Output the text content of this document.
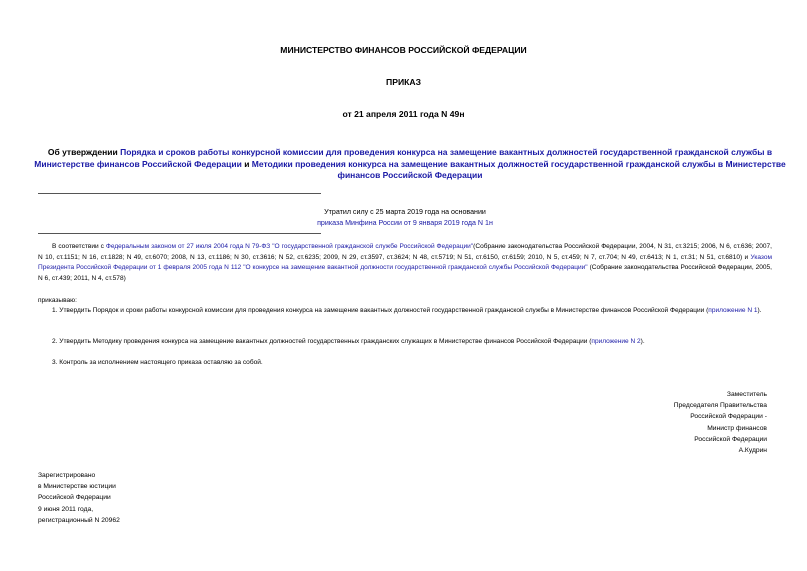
МИНИСТЕРСТВО ФИНАНСОВ РОССИЙСКОЙ ФЕДЕРАЦИИ
ПРИКАЗ
от 21 апреля 2011 года N 49н
Об утверждении Порядка и сроков работы конкурсной комиссии для проведения конкурса на замещение вакантных должностей государственной гражданской службы в Министерстве финансов Российской Федерации и Методики проведения конкурса на замещение вакантных должностей государственной гражданской службы в Министерстве финансов Российской Федерации
Утратил силу с 25 марта 2019 года на основании
приказа Минфина России от 9 января 2019 года N 1н
В соответствии с Федеральным законом от 27 июля 2004 года N 79-ФЗ "О государственной гражданской службе Российской Федерации"(Собрание законодательства Российской Федерации, 2004, N 31, ст.3215; 2006, N 6, ст.636; 2007, N 10, ст.1151; N 16, ст.1828; N 49, ст.6070; 2008, N 13, ст.1186; N 30, ст.3616; N 52, ст.6235; 2009, N 29, ст.3597, ст.3624; N 48, ст.5719; N 51, ст.6150, ст.6159; 2010, N 5, ст.459; N 7, ст.704; N 49, ст.6413; N 1, ст.31; N 51, ст.6810) и Указом Президента Российской Федерации от 1 февраля 2005 года N 112 "О конкурсе на замещение вакантной должности государственной гражданской службы Российской Федерации" (Собрание законодательства Российской Федерации, 2005, N 6, ст.439; 2011, N 4, ст.578)
приказываю:
1. Утвердить Порядок и сроки работы конкурсной комиссии для проведения конкурса на замещение вакантных должностей государственной гражданской службы в Министерстве финансов Российской Федерации (приложение N 1).
2. Утвердить Методику проведения конкурса на замещение вакантных должностей государственных гражданских служащих в Министерстве финансов Российской Федерации (приложение N 2).
3. Контроль за исполнением настоящего приказа оставляю за собой.
Заместитель
Председателя Правительства
Российской Федерации -
Министр финансов
Российской Федерации
А.Кудрин
Зарегистрировано
в Министерстве юстиции
Российской Федерации
9 июня 2011 года,
регистрационный N 20962
